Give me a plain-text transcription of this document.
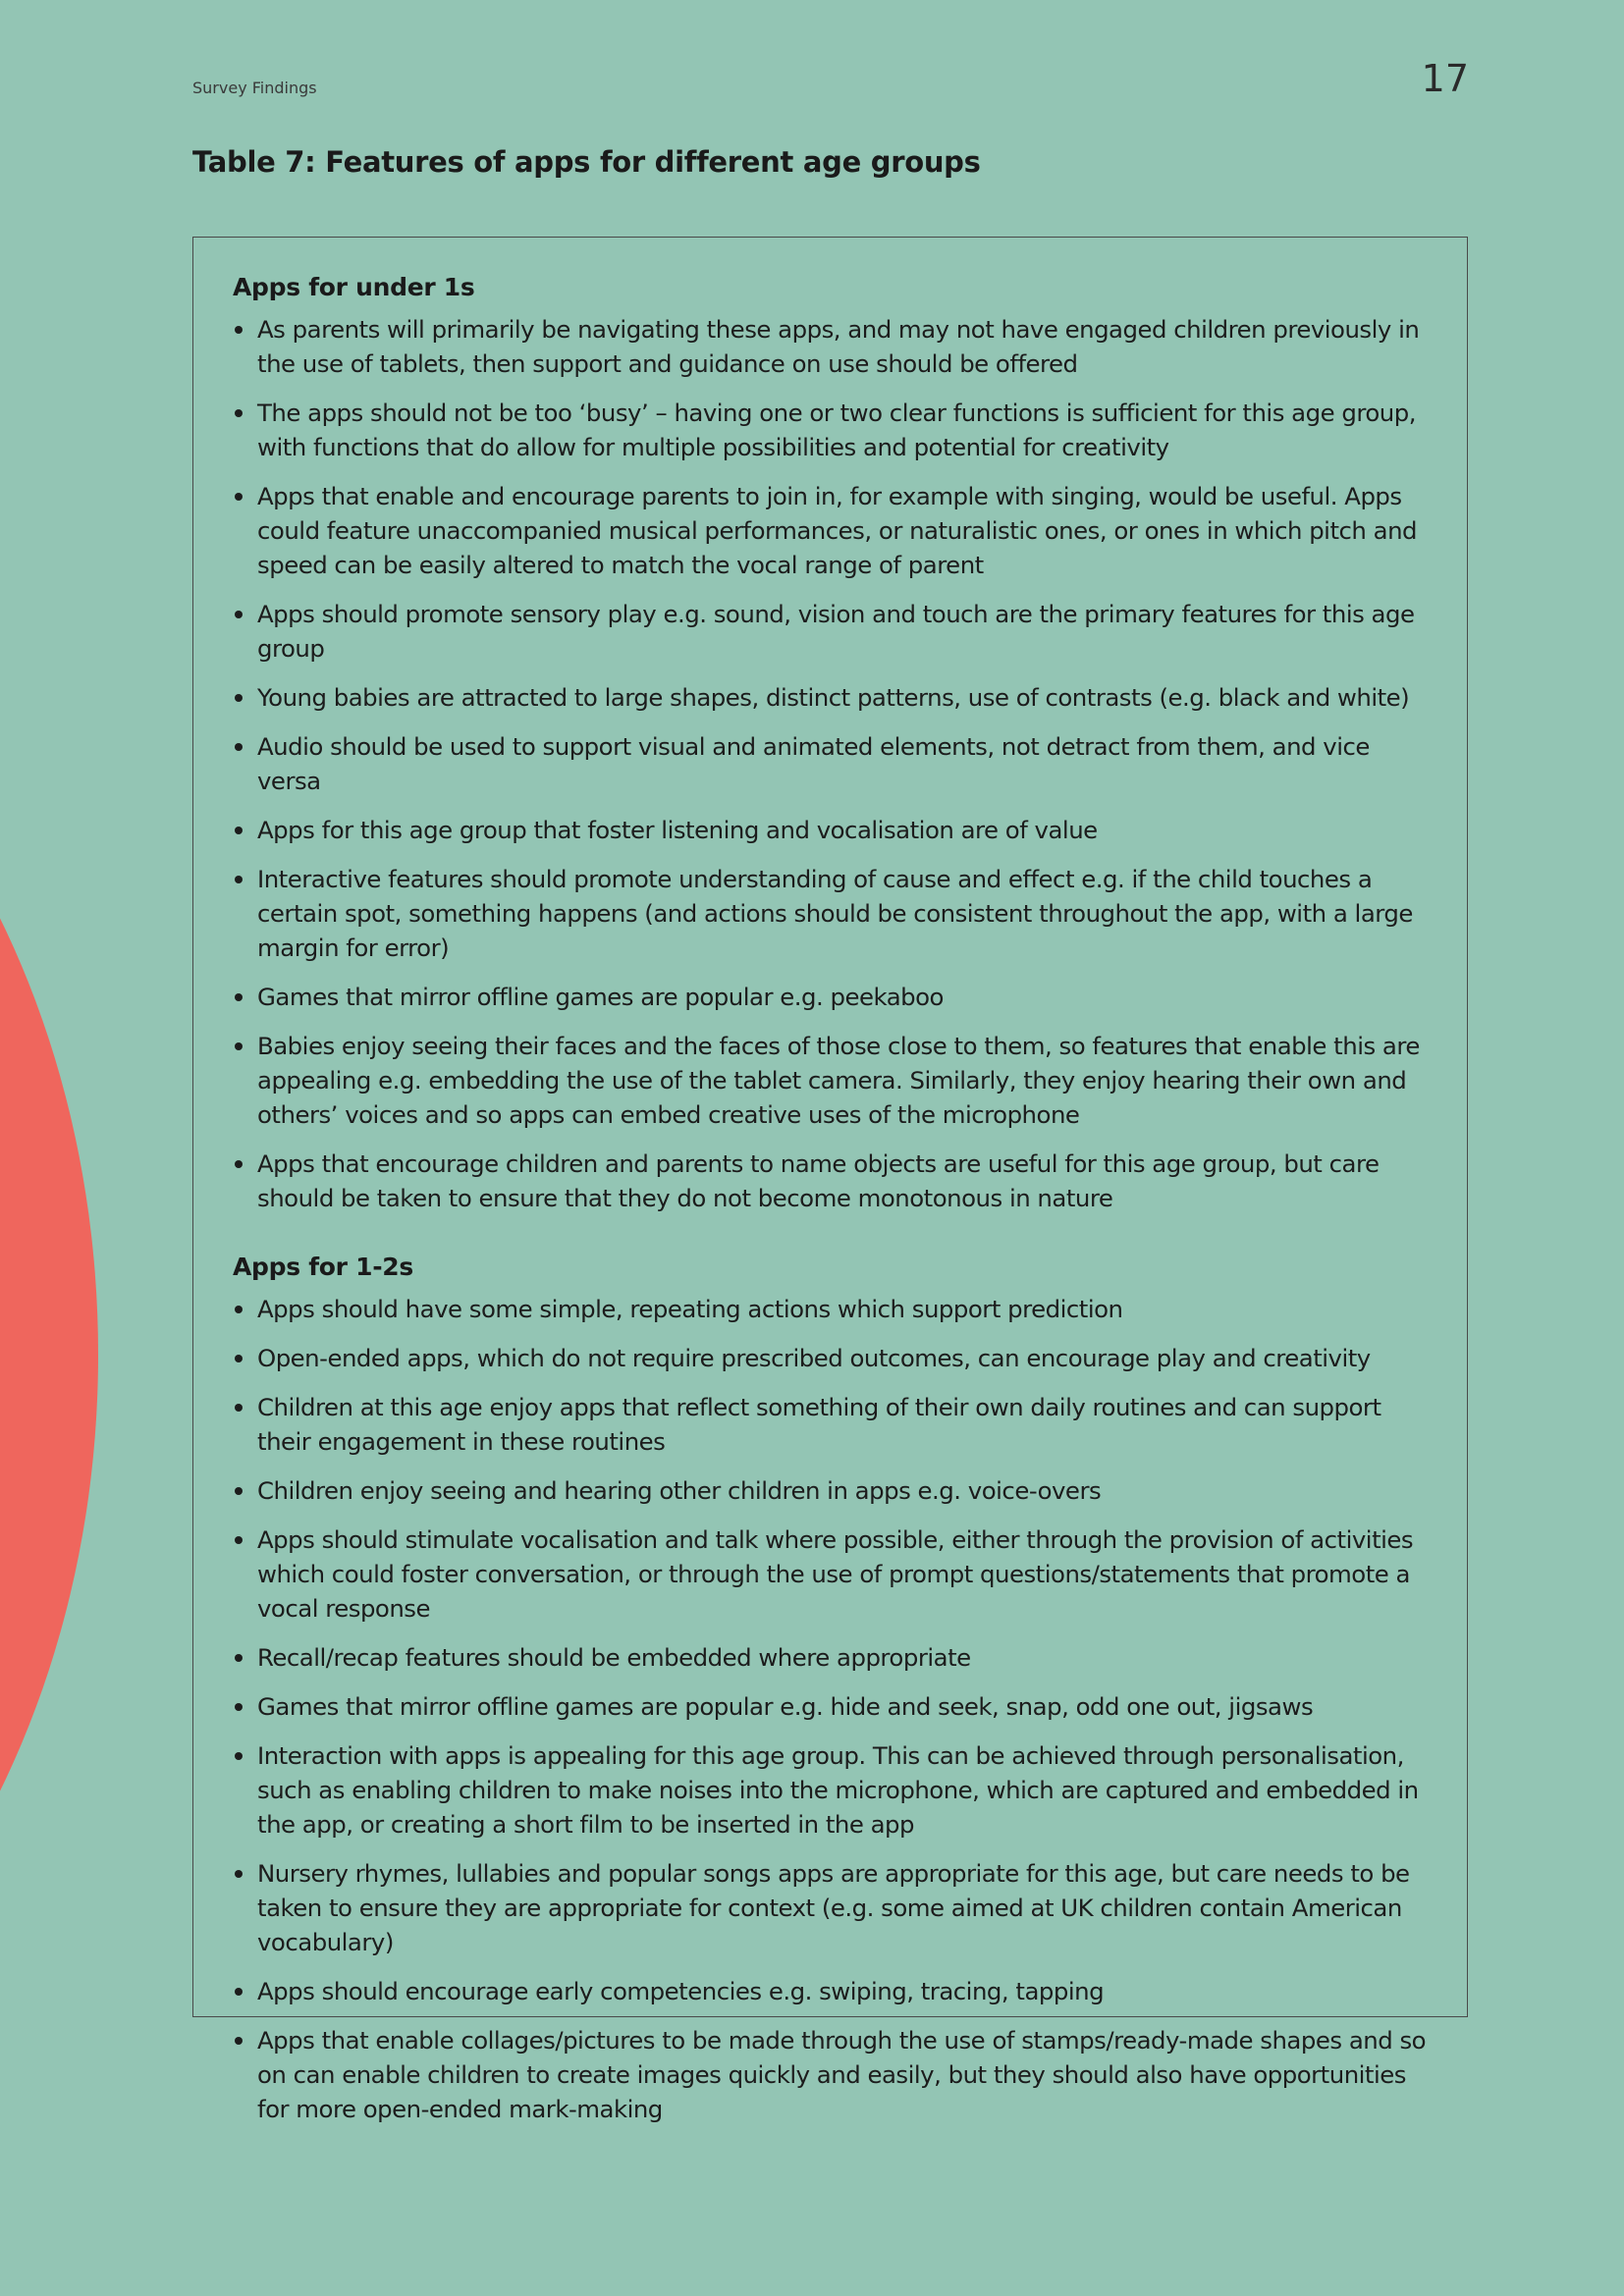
Survey Findings	17
Table 7: Features of apps for different age groups
Apps for under 1s
As parents will primarily be navigating these apps, and may not have engaged children previously in the use of tablets, then support and guidance on use should be offered
The apps should not be too ‘busy’ – having one or two clear functions is sufficient for this age group, with functions that do allow for multiple possibilities and potential for creativity
Apps that enable and encourage parents to join in, for example with singing, would be useful. Apps could feature unaccompanied musical performances, or naturalistic ones, or ones in which pitch and speed can be easily altered to match the vocal range of parent
Apps should promote sensory play e.g. sound, vision and touch are the primary features for this age group
Young babies are attracted to large shapes, distinct patterns, use of contrasts (e.g. black and white)
Audio should be used to support visual and animated elements, not detract from them, and vice versa
Apps for this age group that foster listening and vocalisation are of value
Interactive features should promote understanding of cause and effect e.g. if the child touches a certain spot, something happens (and actions should be consistent throughout the app, with a large margin for error)
Games that mirror offline games are popular e.g. peekaboo
Babies enjoy seeing their faces and the faces of those close to them, so features that enable this are appealing e.g. embedding the use of the tablet camera. Similarly, they enjoy hearing their own and others’ voices and so apps can embed creative uses of the microphone
Apps that encourage children and parents to name objects are useful for this age group, but care should be taken to ensure that they do not become monotonous in nature
Apps for 1-2s
Apps should have some simple, repeating actions which support prediction
Open-ended apps, which do not require prescribed outcomes, can encourage play and creativity
Children at this age enjoy apps that reflect something of their own daily routines and can support their engagement in these routines
Children enjoy seeing and hearing other children in apps e.g. voice-overs
Apps should stimulate vocalisation and talk where possible, either through the provision of activities which could foster conversation, or through the use of prompt questions/statements that promote a vocal response
Recall/recap features should be embedded where appropriate
Games that mirror offline games are popular e.g. hide and seek, snap, odd one out, jigsaws
Interaction with apps is appealing for this age group. This can be achieved through personalisation, such as enabling children to make noises into the microphone, which are captured and embedded in the app, or creating a short film to be inserted in the app
Nursery rhymes, lullabies and popular songs apps are appropriate for this age, but care needs to be taken to ensure they are appropriate for context (e.g. some aimed at UK children contain American vocabulary)
Apps should encourage early competencies e.g. swiping, tracing, tapping
Apps that enable collages/pictures to be made through the use of stamps/ready-made shapes and so on can enable children to create images quickly and easily, but they should also have opportunities for more open-ended mark-making
